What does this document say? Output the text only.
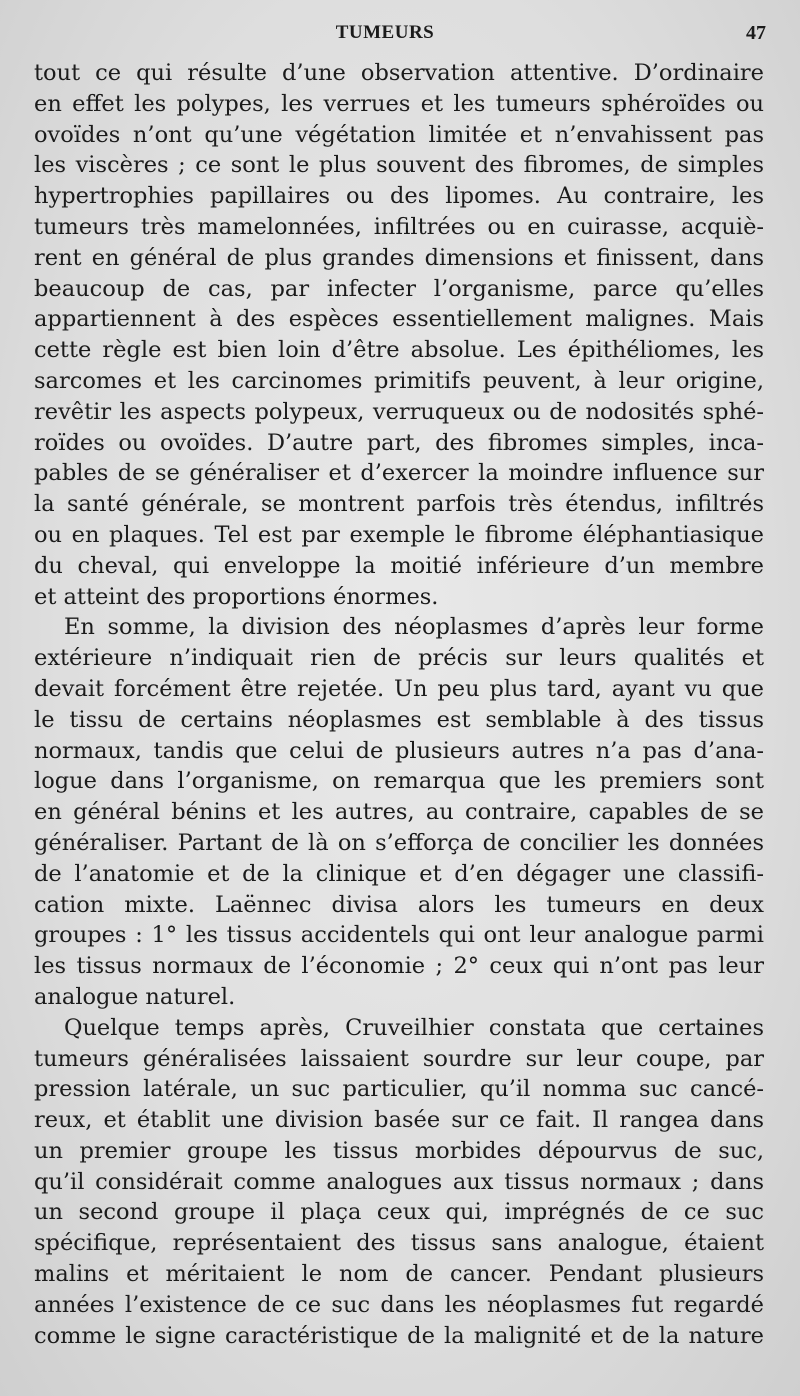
TUMEURS	47
tout ce qui résulte d’une observation attentive. D’ordinaire
en effet les polypes, les verrues et les tumeurs sphéroïdes ou
ovoïdes n’ont qu’une végétation limitée et n’envahissent pas
les viscères ; ce sont le plus souvent des fibromes, de simples
hypertrophies papillaires ou des lipomes. Au contraire, les
tumeurs très mamelonnées, infiltrées ou en cuirasse, acquiè-
rent en général de plus grandes dimensions et finissent, dans
beaucoup de cas, par infecter l’organisme, parce qu’elles
appartiennent à des espèces essentiellement malignes. Mais
cette règle est bien loin d’être absolue. Les épithéliomes, les
sarcomes et les carcinomes primitifs peuvent, à leur origine,
revêtir les aspects polypeux, verruqueux ou de nodosités sphé-
roïdes ou ovoïdes. D’autre part, des fibromes simples, inca-
pables de se généraliser et d’exercer la moindre influence sur
la santé générale, se montrent parfois très étendus, infiltrés
ou en plaques. Tel est par exemple le fibrome éléphantiasique
du cheval, qui enveloppe la moitié inférieure d’un membre
et atteint des proportions énormes.
En somme, la division des néoplasmes d’après leur forme
extérieure n’indiquait rien de précis sur leurs qualités et
devait forcément être rejetée. Un peu plus tard, ayant vu que
le tissu de certains néoplasmes est semblable à des tissus
normaux, tandis que celui de plusieurs autres n’a pas d’ana-
logue dans l’organisme, on remarqua que les premiers sont
en général bénins et les autres, au contraire, capables de se
généraliser. Partant de là on s’efforça de concilier les données
de l’anatomie et de la clinique et d’en dégager une classifi-
cation mixte. Laënnec divisa alors les tumeurs en deux
groupes : 1° les tissus accidentels qui ont leur analogue parmi
les tissus normaux de l’économie ; 2° ceux qui n’ont pas leur
analogue naturel.
Quelque temps après, Cruveilhier constata que certaines
tumeurs généralisées laissaient sourdre sur leur coupe, par
pression latérale, un suc particulier, qu’il nomma suc cancé-
reux, et établit une division basée sur ce fait. Il rangea dans
un premier groupe les tissus morbides dépourvus de suc,
qu’il considérait comme analogues aux tissus normaux ; dans
un second groupe il plaça ceux qui, imprégnés de ce suc
spécifique, représentaient des tissus sans analogue, étaient
malins et méritaient le nom de cancer. Pendant plusieurs
années l’existence de ce suc dans les néoplasmes fut regardé
comme le signe caractéristique de la malignité et de la nature
